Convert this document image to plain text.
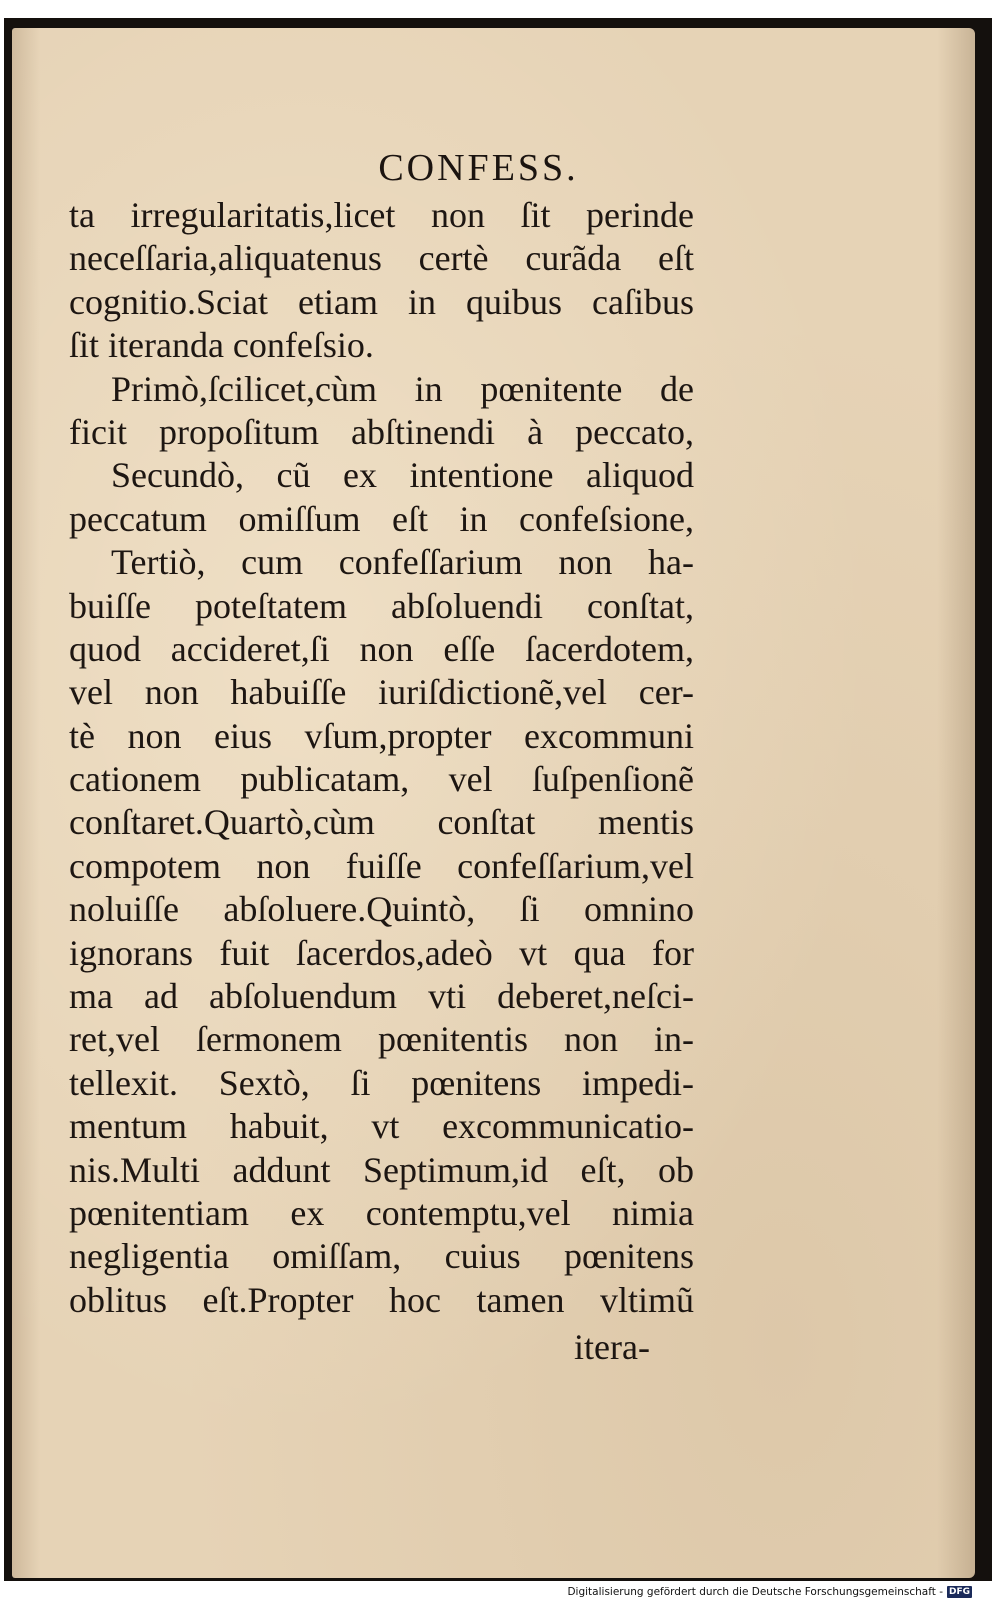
CONFESS.
ta irregularitatis,licet non ſit perinde
neceſſaria,aliquatenus certè curãda eſt
cognitio.Sciat etiam in quibus caſibus
ſit iteranda confeſsio.
Primò,ſcilicet,cùm in pœnitente de
ficit propoſitum abſtinendi à peccato,
Secundò, cũ ex intentione aliquod
peccatum omiſſum eſt in confeſsione,
Tertiò, cum confeſſarium non ha-
buiſſe poteſtatem abſoluendi conſtat,
quod accideret,ſi non eſſe ſacerdotem,
vel non habuiſſe iuriſdictionẽ,vel cer-
tè non eius vſum,propter excommuni
cationem publicatam, vel ſuſpenſionẽ
conſtaret.Quartò,cùm conſtat mentis
compotem non fuiſſe confeſſarium,vel
noluiſſe abſoluere.Quintò, ſi omnino
ignorans fuit ſacerdos,adeò vt qua for
ma ad abſoluendum vti deberet,neſci-
ret,vel ſermonem pœnitentis non in-
tellexit. Sextò, ſi pœnitens impedi-
mentum habuit, vt excommunicatio-
nis.Multi addunt Septimum,id eſt, ob
pœnitentiam ex contemptu,vel nimia
negligentia omiſſam, cuius pœnitens
oblitus eſt.Propter hoc tamen vltimũ
itera-
Digitalisierung gefördert durch die Deutsche Forschungsgemeinschaft - DFG
